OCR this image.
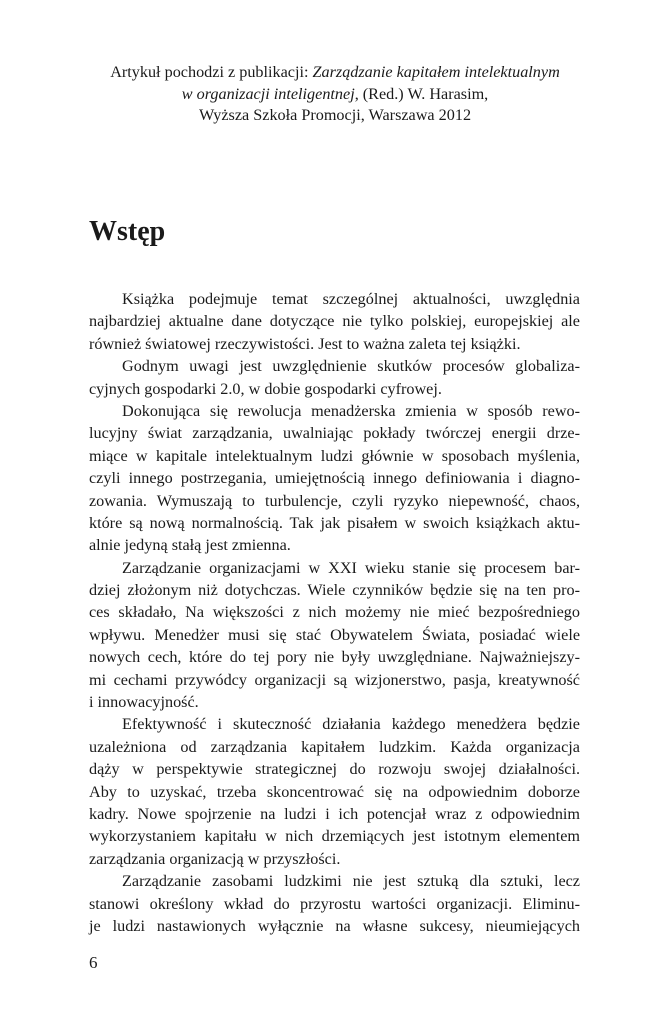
Artykuł pochodzi z publikacji: Zarządzanie kapitałem intelektualnym
w organizacji inteligentnej, (Red.) W. Harasim,
Wyższa Szkoła Promocji, Warszawa 2012
Wstęp
Książka podejmuje temat szczególnej aktualności, uwzględnia
najbardziej aktualne dane dotyczące nie tylko polskiej, europejskiej ale
również światowej rzeczywistości. Jest to ważna zaleta tej książki.
Godnym uwagi jest uwzględnienie skutków procesów globaliza-
cyjnych gospodarki 2.0, w dobie gospodarki cyfrowej.
Dokonująca się rewolucja menadżerska zmienia w sposób rewo-
lucyjny świat zarządzania, uwalniając pokłady twórczej energii drze-
miące w kapitale intelektualnym ludzi głównie w sposobach myślenia,
czyli innego postrzegania, umiejętnością innego definiowania i diagno-
zowania. Wymuszają to turbulencje, czyli ryzyko niepewność, chaos,
które są nową normalnością. Tak jak pisałem w swoich książkach aktu-
alnie jedyną stałą jest zmienna.
Zarządzanie organizacjami w XXI wieku stanie się procesem bar-
dziej złożonym niż dotychczas. Wiele czynników będzie się na ten pro-
ces składało, Na większości z nich możemy nie mieć bezpośredniego
wpływu. Menedżer musi się stać Obywatelem Świata, posiadać wiele
nowych cech, które do tej pory nie były uwzględniane. Najważniejszy-
mi cechami przywódcy organizacji są wizjonerstwo, pasja, kreatywność
i innowacyjność.
Efektywność i skuteczność działania każdego menedżera będzie
uzależniona od zarządzania kapitałem ludzkim. Każda organizacja
dąży w perspektywie strategicznej do rozwoju swojej działalności.
Aby to uzyskać, trzeba skoncentrować się na odpowiednim doborze
kadry. Nowe spojrzenie na ludzi i ich potencjał wraz z odpowiednim
wykorzystaniem kapitału w nich drzemiących jest istotnym elementem
zarządzania organizacją w przyszłości.
Zarządzanie zasobami ludzkimi nie jest sztuką dla sztuki, lecz
stanowi określony wkład do przyrostu wartości organizacji. Eliminu-
je ludzi nastawionych wyłącznie na własne sukcesy, nieumiejących
6
